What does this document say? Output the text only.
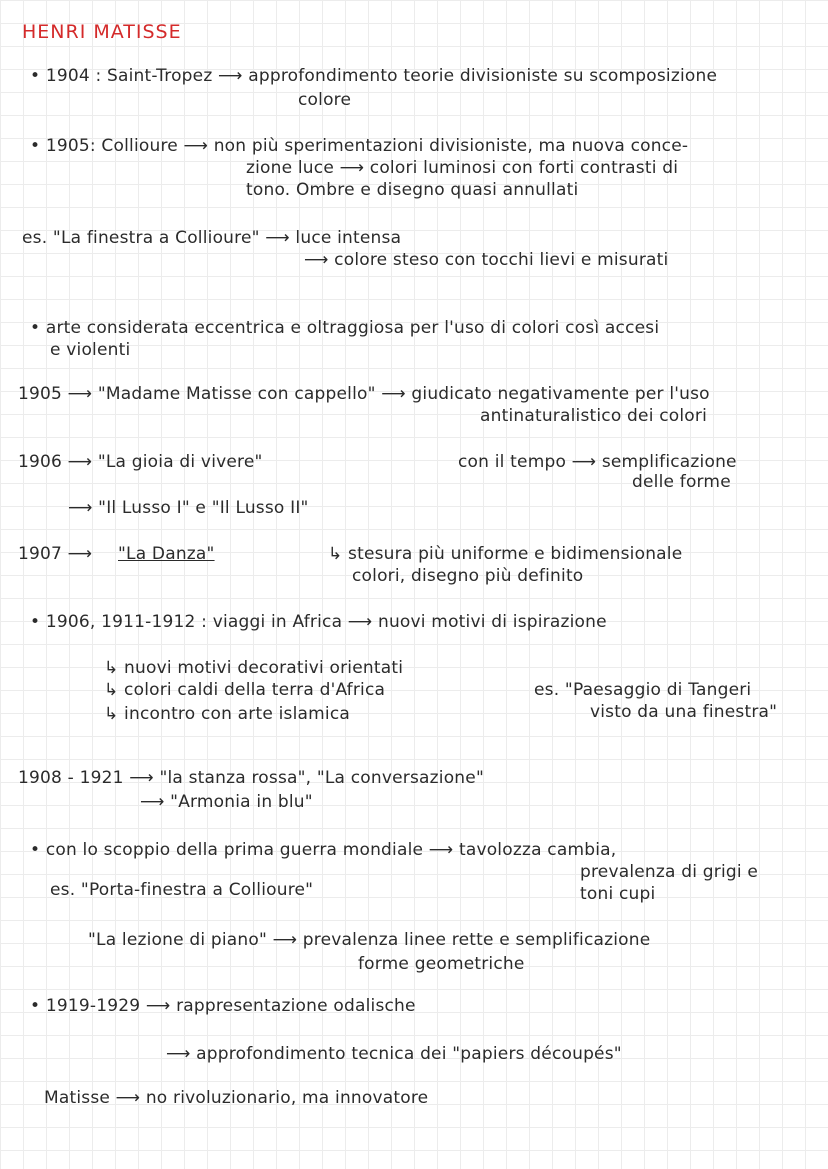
HENRI MATISSE
• 1904 : Saint-Tropez ⟶ approfondimento teorie divisioniste su scomposizione
colore
• 1905: Collioure ⟶ non più sperimentazioni divisioniste, ma nuova conce-
zione luce ⟶ colori luminosi con forti contrasti di
tono. Ombre e disegno quasi annullati
es. "La finestra a Collioure" ⟶ luce intensa
⟶ colore steso con tocchi lievi e misurati
• arte considerata eccentrica e oltraggiosa per l'uso di colori così accesi
e violenti
1905 ⟶ "Madame Matisse con cappello" ⟶ giudicato negativamente per l'uso
antinaturalistico dei colori
1906 ⟶ "La gioia di vivere"	con il tempo ⟶ semplificazione
delle forme
⟶ "Il Lusso I" e "Il Lusso II"
1907 ⟶ "La Danza"	↳ stesura più uniforme e bidimensionale
colori, disegno più definito
• 1906, 1911-1912 : viaggi in Africa ⟶ nuovi motivi di ispirazione
↳ nuovi motivi decorativi orientati
↳ colori caldi della terra d'Africa
↳ incontro con arte islamica
es. "Paesaggio di Tangeri
visto da una finestra"
1908 - 1921 ⟶ "la stanza rossa", "La conversazione"
⟶ "Armonia in blu"
• con lo scoppio della prima guerra mondiale ⟶ tavolozza cambia,
prevalenza di grigi e
toni cupi
es. "Porta-finestra a Collioure"
"La lezione di piano" ⟶ prevalenza linee rette e semplificazione
forme geometriche
• 1919-1929 ⟶ rappresentazione odalische
⟶ approfondimento tecnica dei "papiers découpés"
Matisse ⟶ no rivoluzionario, ma innovatore
